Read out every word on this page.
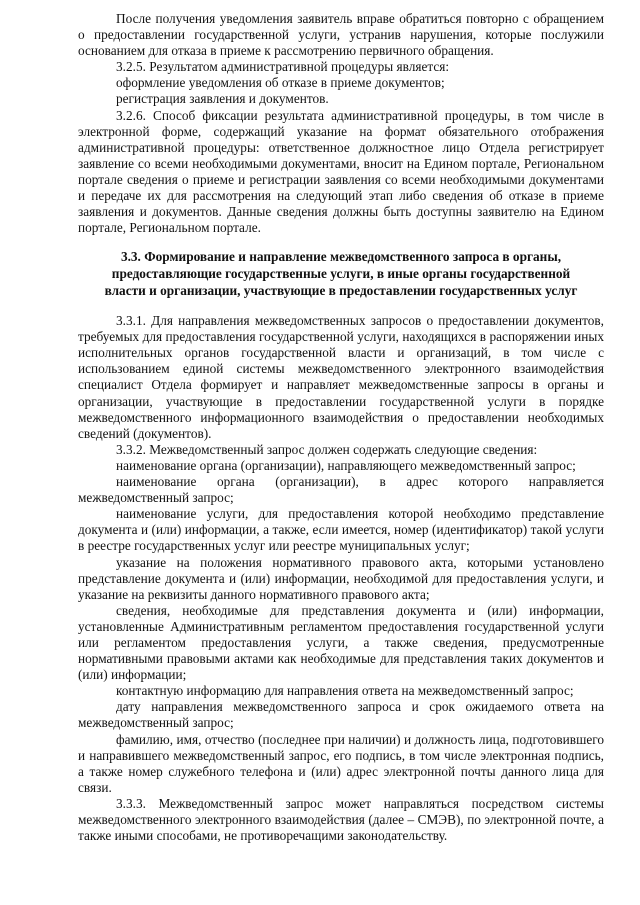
После получения уведомления заявитель вправе обратиться повторно с обращением о предоставлении государственной услуги, устранив нарушения, которые послужили основанием для отказа в приеме к рассмотрению первичного обращения.

3.2.5. Результатом административной процедуры является:

оформление уведомления об отказе в приеме документов;

регистрация заявления и документов.

3.2.6. Способ фиксации результата административной процедуры, в том числе в электронной форме, содержащий указание на формат обязательного отображения административной процедуры: ответственное должностное лицо Отдела регистрирует заявление со всеми необходимыми документами, вносит на Едином портале, Региональном портале сведения о приеме и регистрации заявления со всеми необходимыми документами и передаче их для рассмотрения на следующий этап либо сведения об отказе в приеме заявления и документов. Данные сведения должны быть доступны заявителю на Едином портале, Региональном портале.

3.3. Формирование и направление межведомственного запроса в органы,
предоставляющие государственные услуги, в иные органы государственной
власти и организации, участвующие в предоставлении государственных услуг

3.3.1. Для направления межведомственных запросов о предоставлении документов, требуемых для предоставления государственной услуги, находящихся в распоряжении иных исполнительных органов государственной власти и организаций, в том числе с использованием единой системы межведомственного электронного взаимодействия специалист Отдела формирует и направляет межведомственные запросы в органы и организации, участвующие в предоставлении государственной услуги в порядке межведомственного информационного взаимодействия о предоставлении необходимых сведений (документов).

3.3.2. Межведомственный запрос должен содержать следующие сведения:

наименование органа (организации), направляющего межведомственный запрос;

наименование органа (организации), в адрес которого направляется межведомственный запрос;

наименование услуги, для предоставления которой необходимо представление документа и (или) информации, а также, если имеется, номер (идентификатор) такой услуги в реестре государственных услуг или реестре муниципальных услуг;

указание на положения нормативного правового акта, которыми установлено представление документа и (или) информации, необходимой для предоставления услуги, и указание на реквизиты данного нормативного правового акта;

сведения, необходимые для представления документа и (или) информации, установленные Административным регламентом предоставления государственной услуги или регламентом предоставления услуги, а также сведения, предусмотренные нормативными правовыми актами как необходимые для представления таких документов и (или) информации;

контактную информацию для направления ответа на межведомственный запрос;

дату направления межведомственного запроса и срок ожидаемого ответа на межведомственный запрос;

фамилию, имя, отчество (последнее при наличии) и должность лица, подготовившего и направившего межведомственный запрос, его подпись, в том числе электронная подпись, а также номер служебного телефона и (или) адрес электронной почты данного лица для связи.

3.3.3. Межведомственный запрос может направляться посредством системы межведомственного электронного взаимодействия (далее – СМЭВ), по электронной почте, а также иными способами, не противоречащими законодательству.
